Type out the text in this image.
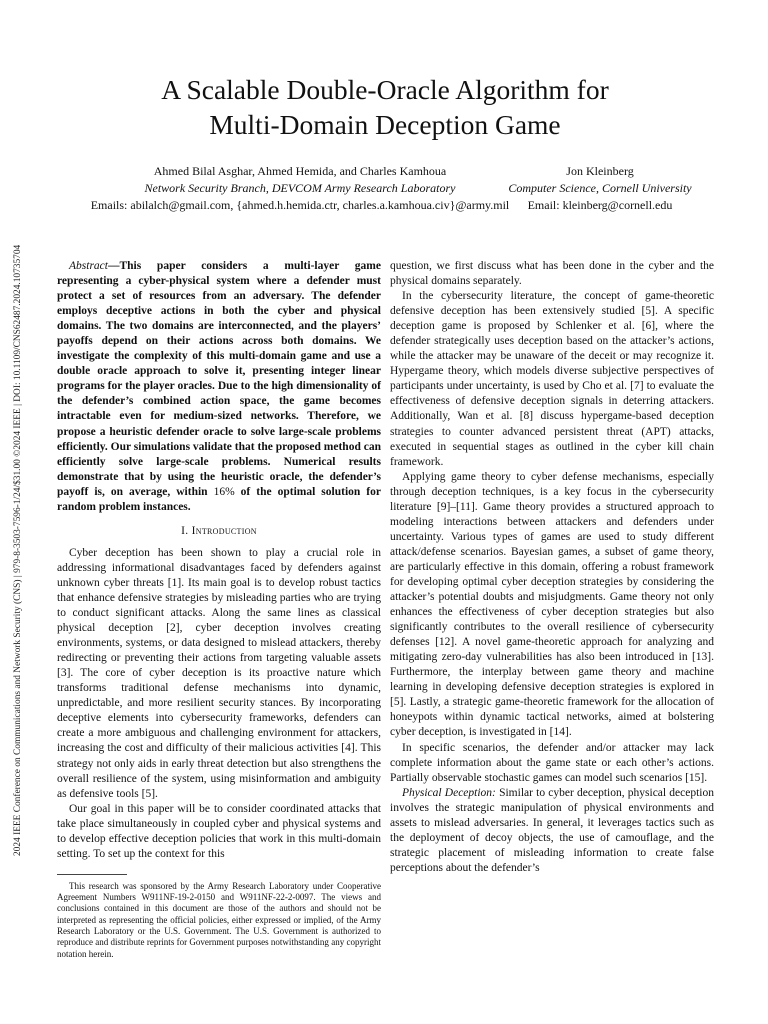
2024 IEEE Conference on Communications and Network Security (CNS) | 979-8-3503-7596-1/24/$31.00 ©2024 IEEE | DOI: 10.1109/CNS62487.2024.10735704
A Scalable Double-Oracle Algorithm for
Multi-Domain Deception Game
Ahmed Bilal Asghar, Ahmed Hemida, and Charles Kamhoua
Network Security Branch, DEVCOM Army Research Laboratory
Emails: abilalch@gmail.com, {ahmed.h.hemida.ctr, charles.a.kamhoua.civ}@army.mil
Jon Kleinberg
Computer Science, Cornell University
Email: kleinberg@cornell.edu

Abstract—This paper considers a multi-layer game representing a cyber-physical system where a defender must protect a set of resources from an adversary. The defender employs deceptive actions in both the cyber and physical domains. The two domains are interconnected, and the players’ payoffs depend on their actions across both domains. We investigate the complexity of this multi-domain game and use a double oracle approach to solve it, presenting integer linear programs for the player oracles. Due to the high dimensionality of the defender’s combined action space, the game becomes intractable even for medium-sized networks. Therefore, we propose a heuristic defender oracle to solve large-scale problems efficiently. Our simulations validate that the proposed method can efficiently solve large-scale problems. Numerical results demonstrate that by using the heuristic oracle, the defender’s payoff is, on average, within 16% of the optimal solution for random problem instances.

I. Introduction

Cyber deception has been shown to play a crucial role in addressing informational disadvantages faced by defenders against unknown cyber threats [1]. Its main goal is to develop robust tactics that enhance defensive strategies by misleading parties who are trying to conduct significant attacks. Along the same lines as classical physical deception [2], cyber deception involves creating environments, systems, or data designed to mislead attackers, thereby redirecting or preventing their actions from targeting valuable assets [3]. The core of cyber deception is its proactive nature which transforms traditional defense mechanisms into dynamic, unpredictable, and more resilient security stances. By incorporating deceptive elements into cybersecurity frameworks, defenders can create a more ambiguous and challenging environment for attackers, increasing the cost and difficulty of their malicious activities [4]. This strategy not only aids in early threat detection but also strengthens the overall resilience of the system, using misinformation and ambiguity as defensive tools [5].

Our goal in this paper will be to consider coordinated attacks that take place simultaneously in coupled cyber and physical systems and to develop effective deception policies that work in this multi-domain setting. To set up the context for this

This research was sponsored by the Army Research Laboratory under Cooperative Agreement Numbers W911NF-19-2-0150 and W911NF-22-2-0097. The views and conclusions contained in this document are those of the authors and should not be interpreted as representing the official policies, either expressed or implied, of the Army Research Laboratory or the U.S. Government. The U.S. Government is authorized to reproduce and distribute reprints for Government purposes notwithstanding any copyright notation herein.

question, we first discuss what has been done in the cyber and the physical domains separately.

In the cybersecurity literature, the concept of game-theoretic defensive deception has been extensively studied [5]. A specific deception game is proposed by Schlenker et al. [6], where the defender strategically uses deception based on the attacker’s actions, while the attacker may be unaware of the deceit or may recognize it. Hypergame theory, which models diverse subjective perspectives of participants under uncertainty, is used by Cho et al. [7] to evaluate the effectiveness of defensive deception signals in deterring attackers. Additionally, Wan et al. [8] discuss hypergame-based deception strategies to counter advanced persistent threat (APT) attacks, executed in sequential stages as outlined in the cyber kill chain framework.

Applying game theory to cyber defense mechanisms, especially through deception techniques, is a key focus in the cybersecurity literature [9]–[11]. Game theory provides a structured approach to modeling interactions between attackers and defenders under uncertainty. Various types of games are used to study different attack/defense scenarios. Bayesian games, a subset of game theory, are particularly effective in this domain, offering a robust framework for developing optimal cyber deception strategies by considering the attacker’s potential doubts and misjudgments. Game theory not only enhances the effectiveness of cyber deception strategies but also significantly contributes to the overall resilience of cybersecurity defenses [12]. A novel game-theoretic approach for analyzing and mitigating zero-day vulnerabilities has also been introduced in [13]. Furthermore, the interplay between game theory and machine learning in developing defensive deception strategies is explored in [5]. Lastly, a strategic game-theoretic framework for the allocation of honeypots within dynamic tactical networks, aimed at bolstering cyber deception, is investigated in [14].

In specific scenarios, the defender and/or attacker may lack complete information about the game state or each other’s actions. Partially observable stochastic games can model such scenarios [15].

Physical Deception: Similar to cyber deception, physical deception involves the strategic manipulation of physical environments and assets to mislead adversaries. In general, it leverages tactics such as the deployment of decoy objects, the use of camouflage, and the strategic placement of misleading information to create false perceptions about the defender’s
